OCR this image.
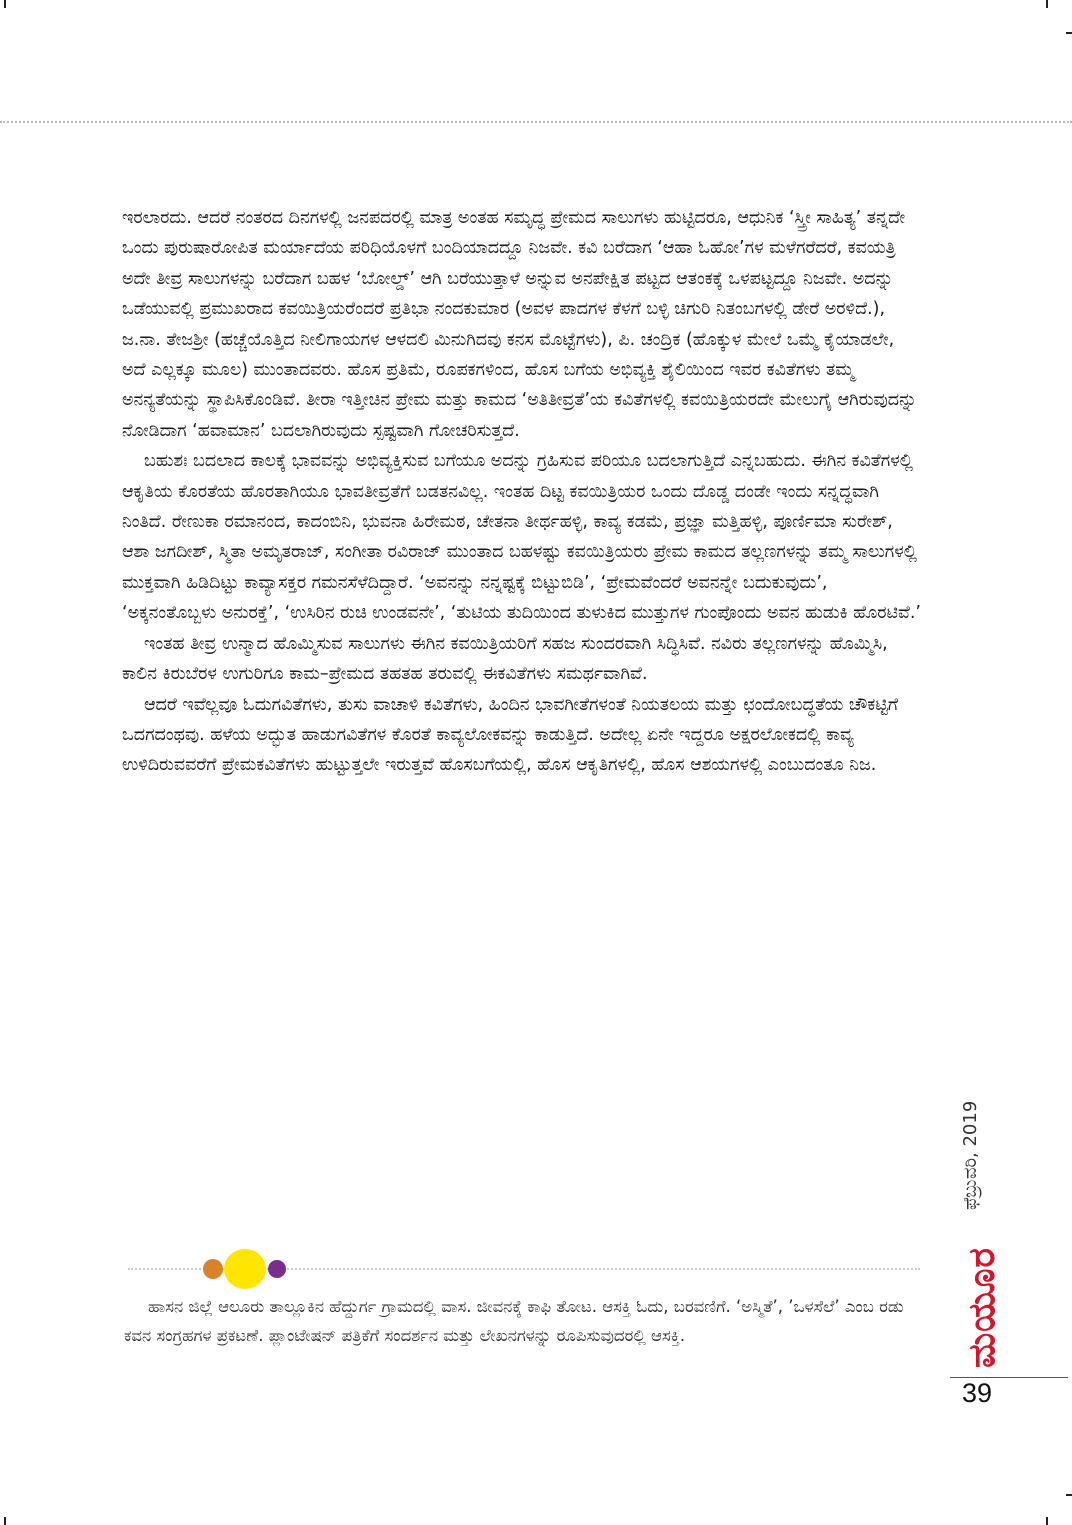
ಇರಲಾರದು. ಆದರೆ ನಂತರದ ದಿನಗಳಲ್ಲಿ ಜನಪದರಲ್ಲಿ ಮಾತ್ರ ಅಂತಹ ಸಮೃದ್ಧ ಪ್ರೇಮದ ಸಾಲುಗಳು ಹುಟ್ಟಿದರೂ, ಆಧುನಿಕ ‘ಸ್ತ್ರೀ ಸಾಹಿತ್ಯ’ ತನ್ನದೇ ಒಂದು ಪುರುಷಾರೋಪಿತ ಮರ್ಯಾದೆಯ ಪರಿಧಿಯೊಳಗೆ ಬಂದಿಯಾದದ್ದೂ ನಿಜವೇ. ಕವಿ ಬರೆದಾಗ ‘ಆಹಾ ಓಹೋ’ಗಳ ಮಳೆಗರೆದರೆ, ಕವಯತ್ರಿ ಅದೇ ತೀವ್ರ ಸಾಲುಗಳನ್ನು ಬರೆದಾಗ ಬಹಳ ‘ಬೋಲ್ಡ್’ ಆಗಿ ಬರೆಯುತ್ತಾಳೆ ಅನ್ನುವ ಅನಪೇಕ್ಷಿತ ಪಟ್ಟದ ಆತಂಕಕ್ಕೆ ಒಳಪಟ್ಟದ್ದೂ ನಿಜವೇ. ಅದನ್ನು ಒಡೆಯುವಲ್ಲಿ ಪ್ರಮುಖರಾದ ಕವಯಿತ್ರಿಯರೆಂದರೆ ಪ್ರತಿಭಾ ನಂದಕುಮಾರ (ಅವಳ ಪಾದಗಳ ಕೆಳಗೆ ಬಳ್ಳಿ ಚಿಗುರಿ ನಿತಂಬಗಳಲ್ಲಿ ಡೇರೆ ಅರಳಿದೆ.), ಜ.ನಾ. ತೇಜಶ್ರೀ (ಹಚ್ಚೆಯೊತ್ತಿದ ನೀಲಿಗಾಯಗಳ ಆಳದಲಿ ಮಿನುಗಿದವು ಕನಸ ಮೊಟ್ಟೆಗಳು), ಪಿ. ಚಂದ್ರಿಕ (ಹೊಕ್ಕುಳ ಮೇಲೆ ಒಮ್ಮೆ ಕೈಯಾಡಲೇ, ಅದೆ ಎಲ್ಲಕ್ಕೂ ಮೂಲ) ಮುಂತಾದವರು. ಹೊಸ ಪ್ರತಿಮೆ, ರೂಪಕಗಳಿಂದ, ಹೊಸ ಬಗೆಯ ಅಭಿವ್ಯಕ್ತಿ ಶೈಲಿಯಿಂದ ಇವರ ಕವಿತೆಗಳು ತಮ್ಮ ಅನನ್ಯತೆಯನ್ನು ಸ್ಥಾಪಿಸಿಕೊಂಡಿವೆ. ತೀರಾ ಇತ್ತೀಚಿನ ಪ್ರೇಮ ಮತ್ತು ಕಾಮದ ‘ಅತಿತೀವ್ರತೆ’ಯ ಕವಿತೆಗಳಲ್ಲಿ ಕವಯಿತ್ರಿಯರದೇ ಮೇಲುಗೈ ಆಗಿರುವುದನ್ನು ನೋಡಿದಾಗ ‘ಹವಾಮಾನ’ ಬದಲಾಗಿರುವುದು ಸ್ಪಷ್ಟವಾಗಿ ಗೋಚರಿಸುತ್ತದೆ.

ಬಹುಶಃ ಬದಲಾದ ಕಾಲಕ್ಕೆ ಭಾವವನ್ನು ಅಭಿವ್ಯಕ್ತಿಸುವ ಬಗೆಯೂ ಅದನ್ನು ಗ್ರಹಿಸುವ ಪರಿಯೂ ಬದಲಾಗುತ್ತಿದೆ ಎನ್ನಬಹುದು. ಈಗಿನ ಕವಿತೆಗಳಲ್ಲಿ ಆಕೃತಿಯ ಕೊರತೆಯ ಹೊರತಾಗಿಯೂ ಭಾವತೀವ್ರತೆಗೆ ಬಡತನವಿಲ್ಲ. ಇಂತಹ ದಿಟ್ಟ ಕವಯಿತ್ರಿಯರ ಒಂದು ದೊಡ್ಡ ದಂಡೇ ಇಂದು ಸನ್ನದ್ಧವಾಗಿ ನಿಂತಿದೆ. ರೇಣುಕಾ ರಮಾನಂದ, ಕಾದಂಬಿನಿ, ಭುವನಾ ಹಿರೇಮಠ, ಚೇತನಾ ತೀರ್ಥಹಳ್ಳಿ, ಕಾವ್ಯ ಕಡಮೆ, ಪ್ರಜ್ಞಾ ಮತ್ತಿಹಳ್ಳಿ, ಪೂರ್ಣಿಮಾ ಸುರೇಶ್, ಆಶಾ ಜಗದೀಶ್, ಸ್ಮಿತಾ ಅಮೃತರಾಜ್, ಸಂಗೀತಾ ರವಿರಾಜ್ ಮುಂತಾದ ಬಹಳಷ್ಟು ಕವಯಿತ್ರಿಯರು ಪ್ರೇಮ ಕಾಮದ ತಲ್ಲಣಗಳನ್ನು ತಮ್ಮ ಸಾಲುಗಳಲ್ಲಿ ಮುಕ್ತವಾಗಿ ಹಿಡಿದಿಟ್ಟು ಕಾವ್ಯಾಸಕ್ತರ ಗಮನಸೆಳೆದಿದ್ದಾರೆ. ‘ಅವನನ್ನು ನನ್ನಷ್ಟಕ್ಕೆ ಬಿಟ್ಟುಬಿಡಿ’, ‘ಪ್ರೇಮವೆಂದರೆ ಅವನನ್ನೇ ಬದುಕುವುದು’, ‘ಅಕ್ಕನಂತೊಬ್ಬಳು ಅನುರಕ್ತೆ’, ‘ಉಸಿರಿನ ರುಚಿ ಉಂಡವನೇ’, ‘ತುಟಿಯ ತುದಿಯಿಂದ ತುಳುಕಿದ ಮುತ್ತುಗಳ ಗುಂಪೊಂದು ಅವನ ಹುಡುಕಿ ಹೊರಟಿವೆ.’

ಇಂತಹ ತೀವ್ರ ಉನ್ಮಾದ ಹೊಮ್ಮಿಸುವ ಸಾಲುಗಳು ಈಗಿನ ಕವಯಿತ್ರಿಯರಿಗೆ ಸಹಜ ಸುಂದರವಾಗಿ ಸಿದ್ಧಿಸಿವೆ. ನವಿರು ತಲ್ಲಣಗಳನ್ನು ಹೊಮ್ಮಿಸಿ, ಕಾಲಿನ ಕಿರುಬೆರಳ ಉಗುರಿಗೂ ಕಾಮ–ಪ್ರೇಮದ ತಹತಹ ತರುವಲ್ಲಿ ಈಕವಿತೆಗಳು ಸಮರ್ಥವಾಗಿವೆ.

ಆದರೆ ಇವೆಲ್ಲವೂ ಓದುಗವಿತೆಗಳು, ತುಸು ವಾಚಾಳಿ ಕವಿತೆಗಳು, ಹಿಂದಿನ ಭಾವಗೀತೆಗಳಂತೆ ನಿಯತಲಯ ಮತ್ತು ಛಂದೋಬದ್ಧತೆಯ ಚೌಕಟ್ಟಿಗೆ ಒದಗದಂಥವು. ಹಳೆಯ ಅದ್ಭುತ ಹಾಡುಗವಿತೆಗಳ ಕೊರತೆ ಕಾವ್ಯಲೋಕವನ್ನು ಕಾಡುತ್ತಿದೆ. ಅದೇಲ್ಲ ಏನೇ ಇದ್ದರೂ ಅಕ್ಷರಲೋಕದಲ್ಲಿ ಕಾವ್ಯ ಉಳಿದಿರುವವರೆಗೆ ಪ್ರೇಮಕವಿತೆಗಳು ಹುಟ್ಟುತ್ತಲೇ ಇರುತ್ತವೆ ಹೊಸಬಗೆಯಲ್ಲಿ, ಹೊಸ ಆಕೃತಿಗಳಲ್ಲಿ, ಹೊಸ ಆಶಯಗಳಲ್ಲಿ ಎಂಬುದಂತೂ ನಿಜ.

ಹಾಸನ ಜಿಲ್ಲೆ ಆಲೂರು ತಾಲ್ಲೂಕಿನ ಹೆದ್ದುರ್ಗ ಗ್ರಾಮದಲ್ಲಿ ವಾಸ. ಜೀವನಕ್ಕೆ ಕಾಫಿ ತೋಟ. ಆಸಕ್ತಿ ಓದು, ಬರವಣಿಗೆ. ‘ಅಸ್ಮಿತೆ’, ’ಒಳಸೆಲೆ’ ಎಂಬ ರಡು ಕವನ ಸಂಗ್ರಹಗಳ ಪ್ರಕಟಣೆ. ಪ್ಲಾಂಟೇಷನ್ ಪತ್ರಿಕೆಗೆ ಸಂದರ್ಶನ ಮತ್ತು ಲೇಖನಗಳನ್ನು ರೂಪಿಸುವುದರಲ್ಲಿ ಆಸಕ್ತಿ.

ಫೆಬ್ರುವರಿ, 2019
ಮಯೂರ
39
